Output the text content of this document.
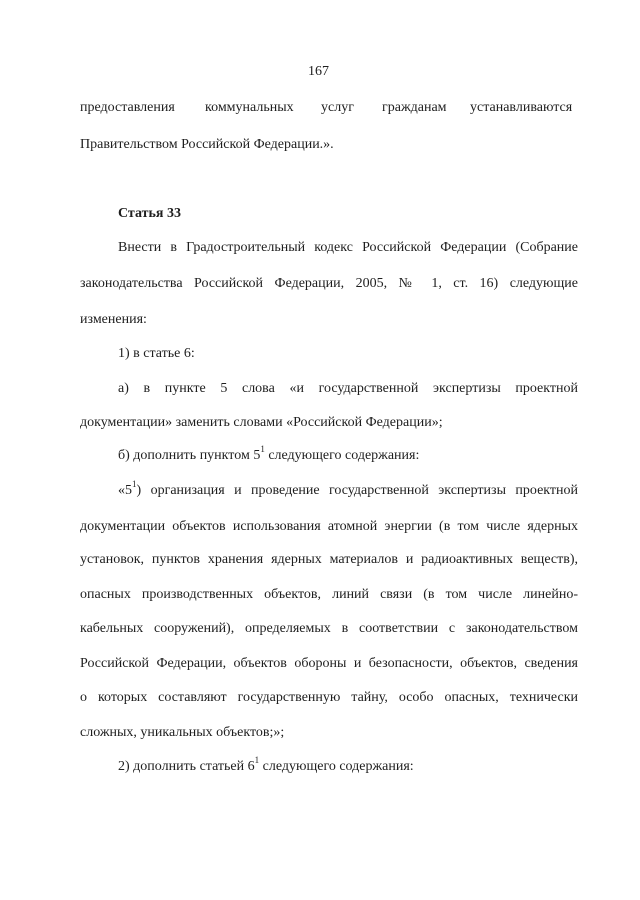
167

предоставления коммунальных услуг гражданам устанавливаются

Правительством Российской Федерации.».

Статья 33

Внести в Градостроительный кодекс Российской Федерации (Собрание

законодательства Российской Федерации, 2005, № 1, ст. 16) следующие

изменения:

1) в статье 6:

а) в пункте 5 слова «и государственной экспертизы проектной

документации» заменить словами «Российской Федерации»;

б) дополнить пунктом $5^1$ следующего содержания:

«$5^1$) организация и проведение государственной экспертизы проектной

документации объектов использования атомной энергии (в том числе ядерных

установок, пунктов хранения ядерных материалов и радиоактивных веществ),

опасных производственных объектов, линий связи (в том числе линейно-

кабельных сооружений), определяемых в соответствии с законодательством

Российской Федерации, объектов обороны и безопасности, объектов, сведения

о которых составляют государственную тайну, особо опасных, технически

сложных, уникальных объектов;»;

2) дополнить статьей $6^1$ следующего содержания:
